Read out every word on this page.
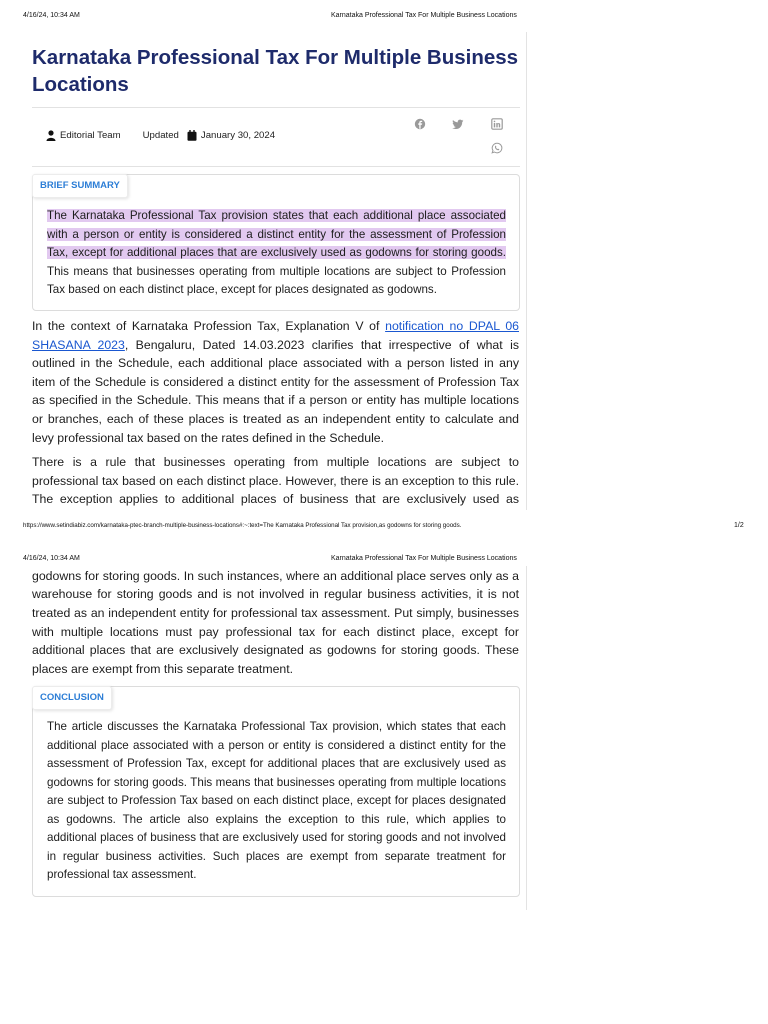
4/16/24, 10:34 AM	Karnataka Professional Tax For Multiple Business Locations
Karnataka Professional Tax For Multiple Business Locations
Editorial Team Updated January 30, 2024
BRIEF SUMMARY
The Karnataka Professional Tax provision states that each additional place associated with a person or entity is considered a distinct entity for the assessment of Profession Tax, except for additional places that are exclusively used as godowns for storing goods. This means that businesses operating from multiple locations are subject to Profession Tax based on each distinct place, except for places designated as godowns.

In the context of Karnataka Profession Tax, Explanation V of notification no DPAL 06 SHASANA 2023, Bengaluru, Dated 14.03.2023 clarifies that irrespective of what is outlined in the Schedule, each additional place associated with a person listed in any item of the Schedule is considered a distinct entity for the assessment of Profession Tax as specified in the Schedule. This means that if a person or entity has multiple locations or branches, each of these places is treated as an independent entity to calculate and levy professional tax based on the rates defined in the Schedule.

There is a rule that businesses operating from multiple locations are subject to professional tax based on each distinct place. However, there is an exception to this rule. The exception applies to additional places of business that are exclusively used as

https://www.setindiabiz.com/karnataka-ptec-branch-multiple-business-locations#:~:text=The Karnataka Professional Tax provision,as godowns for storing goods.	1/2
4/16/24, 10:34 AM	Karnataka Professional Tax For Multiple Business Locations

godowns for storing goods. In such instances, where an additional place serves only as a warehouse for storing goods and is not involved in regular business activities, it is not treated as an independent entity for professional tax assessment. Put simply, businesses with multiple locations must pay professional tax for each distinct place, except for additional places that are exclusively designated as godowns for storing goods. These places are exempt from this separate treatment.

CONCLUSION
The article discusses the Karnataka Professional Tax provision, which states that each additional place associated with a person or entity is considered a distinct entity for the assessment of Profession Tax, except for additional places that are exclusively used as godowns for storing goods. This means that businesses operating from multiple locations are subject to Profession Tax based on each distinct place, except for places designated as godowns. The article also explains the exception to this rule, which applies to additional places of business that are exclusively used for storing goods and not involved in regular business activities. Such places are exempt from separate treatment for professional tax assessment.
